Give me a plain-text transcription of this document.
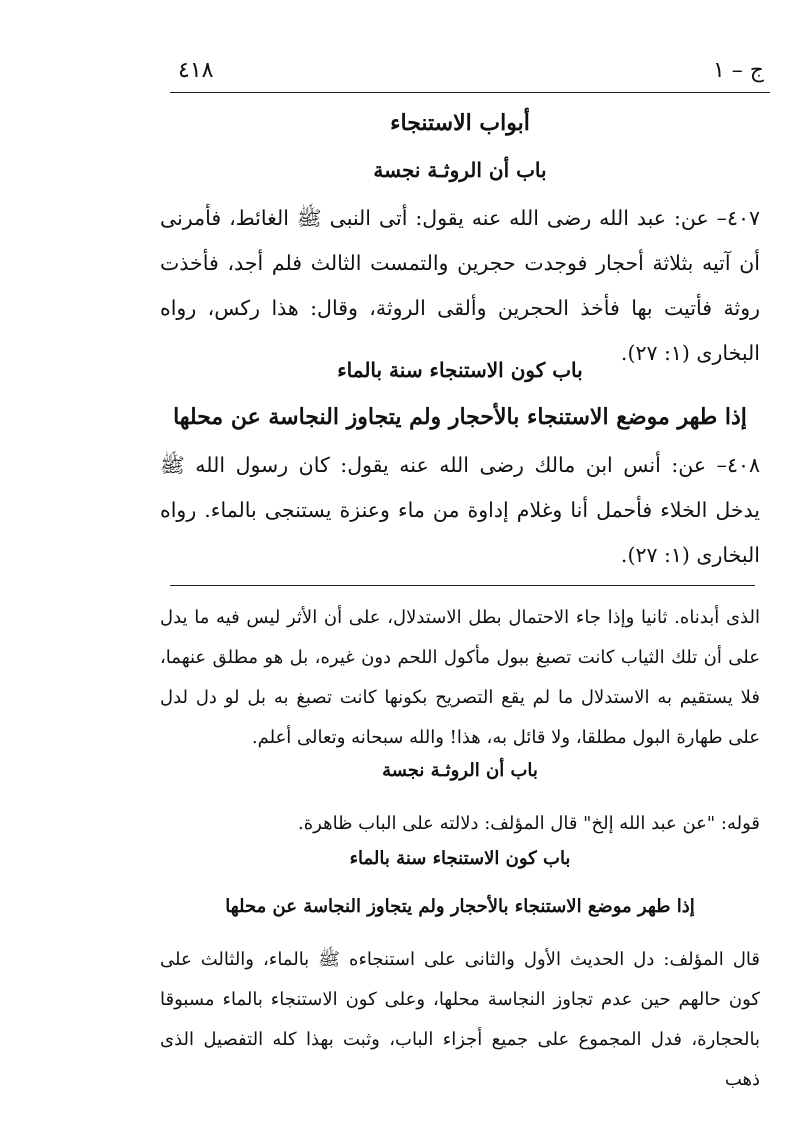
٤١٨	ج – ١
أبواب الاستنجاء
باب أن الروثـة نجسة
٤٠٧– عن: عبد الله رضى الله عنه يقول: أتى النبى ﷺ الغائط، فأمرنى أن آتيه بثلاثة أحجار فوجدت حجرين والتمست الثالث فلم أجد، فأخذت روثة فأتيت بها فأخذ الحجرين وألقى الروثة، وقال: هذا ركس، رواه البخارى (١: ٢٧).
باب كون الاستنجاء سنة بالماء
إذا طهر موضع الاستنجاء بالأحجار ولم يتجاوز النجاسة عن محلها
٤٠٨– عن: أنس ابن مالك رضى الله عنه يقول: كان رسول الله ﷺ يدخل الخلاء فأحمل أنا وغلام إداوة من ماء وعنزة يستنجى بالماء. رواه البخارى (١: ٢٧).
الذى أبدناه. ثانيا وإذا جاء الاحتمال بطل الاستدلال، على أن الأثر ليس فيه ما يدل على أن تلك الثياب كانت تصبغ ببول مأكول اللحم دون غيره، بل هو مطلق عنهما، فلا يستقيم به الاستدلال ما لم يقع التصريح بكونها كانت تصبغ به بل لو دل لدل على طهارة البول مطلقا، ولا قائل به، هذا! والله سبحانه وتعالى أعلم.
باب أن الروثـة نجسة
قوله: "عن عبد الله إلخ" قال المؤلف: دلالته على الباب ظاهرة.
باب كون الاستنجاء سنة بالماء
إذا طهر موضع الاستنجاء بالأحجار ولم يتجاوز النجاسة عن محلها
قال المؤلف: دل الحديث الأول والثانى على استنجاءه ﷺ بالماء، والثالث على كون حالهم حين عدم تجاوز النجاسة محلها، وعلى كون الاستنجاء بالماء مسبوقا بالحجارة، فدل المجموع على جميع أجزاء الباب، وثبت بهذا كله التفصيل الذى ذهب
